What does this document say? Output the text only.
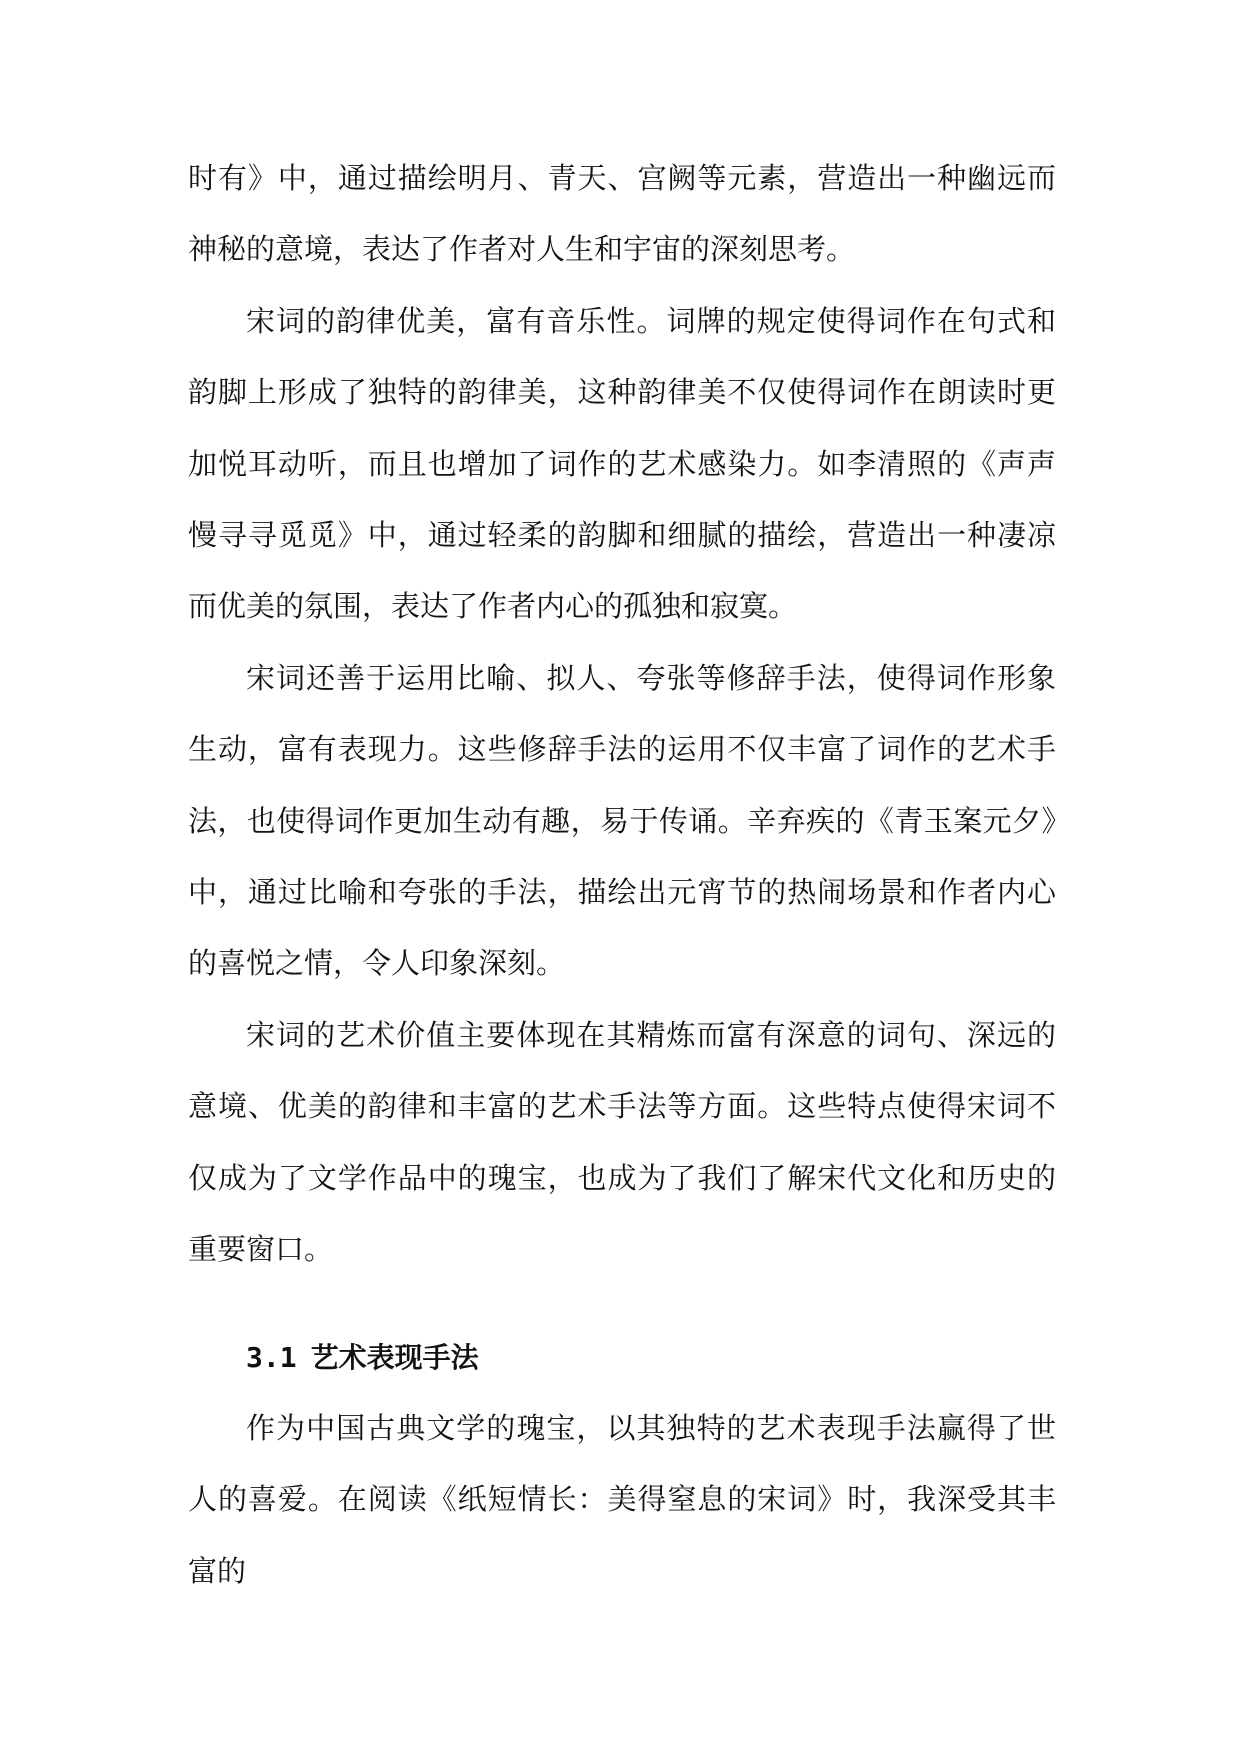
时有》中，通过描绘明月、青天、宫阙等元素，营造出一种幽远而神秘的意境，表达了作者对人生和宇宙的深刻思考。

宋词的韵律优美，富有音乐性。词牌的规定使得词作在句式和韵脚上形成了独特的韵律美，这种韵律美不仅使得词作在朗读时更加悦耳动听，而且也增加了词作的艺术感染力。如李清照的《声声慢寻寻觅觅》中，通过轻柔的韵脚和细腻的描绘，营造出一种凄凉而优美的氛围，表达了作者内心的孤独和寂寞。

宋词还善于运用比喻、拟人、夸张等修辞手法，使得词作形象生动，富有表现力。这些修辞手法的运用不仅丰富了词作的艺术手法，也使得词作更加生动有趣，易于传诵。辛弃疾的《青玉案元夕》中，通过比喻和夸张的手法，描绘出元宵节的热闹场景和作者内心的喜悦之情，令人印象深刻。

宋词的艺术价值主要体现在其精炼而富有深意的词句、深远的意境、优美的韵律和丰富的艺术手法等方面。这些特点使得宋词不仅成为了文学作品中的瑰宝，也成为了我们了解宋代文化和历史的重要窗口。

3.1 艺术表现手法

作为中国古典文学的瑰宝，以其独特的艺术表现手法赢得了世人的喜爱。在阅读《纸短情长：美得窒息的宋词》时，我深受其丰富的
